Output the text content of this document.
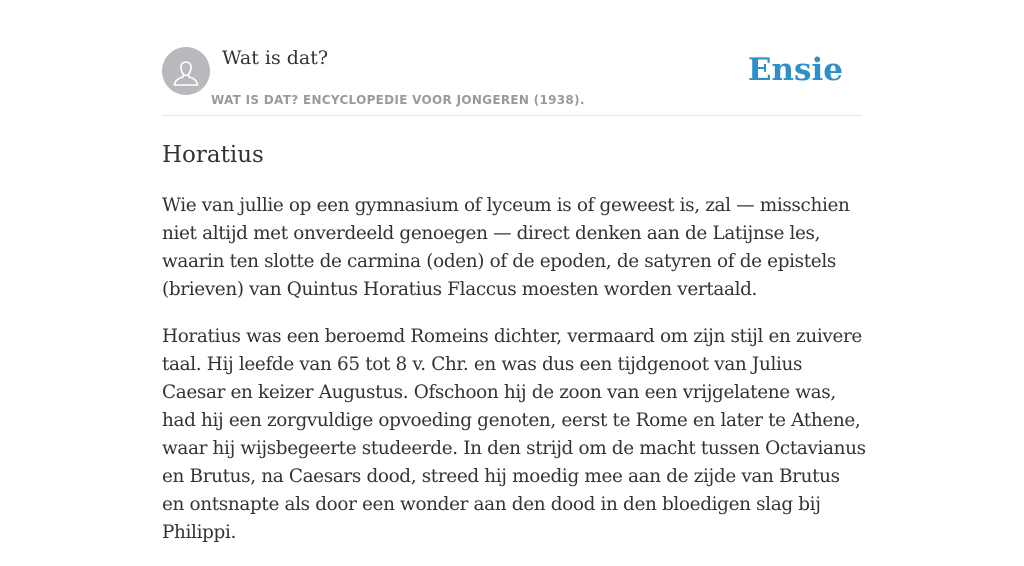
Wat is dat?
WAT IS DAT? ENCYCLOPEDIE VOOR JONGEREN (1938).
Ensie
Horatius

Wie van jullie op een gymnasium of lyceum is of geweest is, zal — misschien niet altijd met onverdeeld genoegen — direct denken aan de Latijnse les, waarin ten slotte de carmina (oden) of de epoden, de satyren of de epistels (brieven) van Quintus Horatius Flaccus moesten worden vertaald.

Horatius was een beroemd Romeins dichter, vermaard om zijn stijl en zuivere taal. Hij leefde van 65 tot 8 v. Chr. en was dus een tijdgenoot van Julius Caesar en keizer Augustus. Ofschoon hij de zoon van een vrijgelatene was, had hij een zorgvuldige opvoeding genoten, eerst te Rome en later te Athene, waar hij wijsbegeerte studeerde. In den strijd om de macht tussen Octavianus en Brutus, na Caesars dood, streed hij moedig mee aan de zijde van Brutus en ontsnapte als door een wonder aan den dood in den bloedigen slag bij Philippi.
